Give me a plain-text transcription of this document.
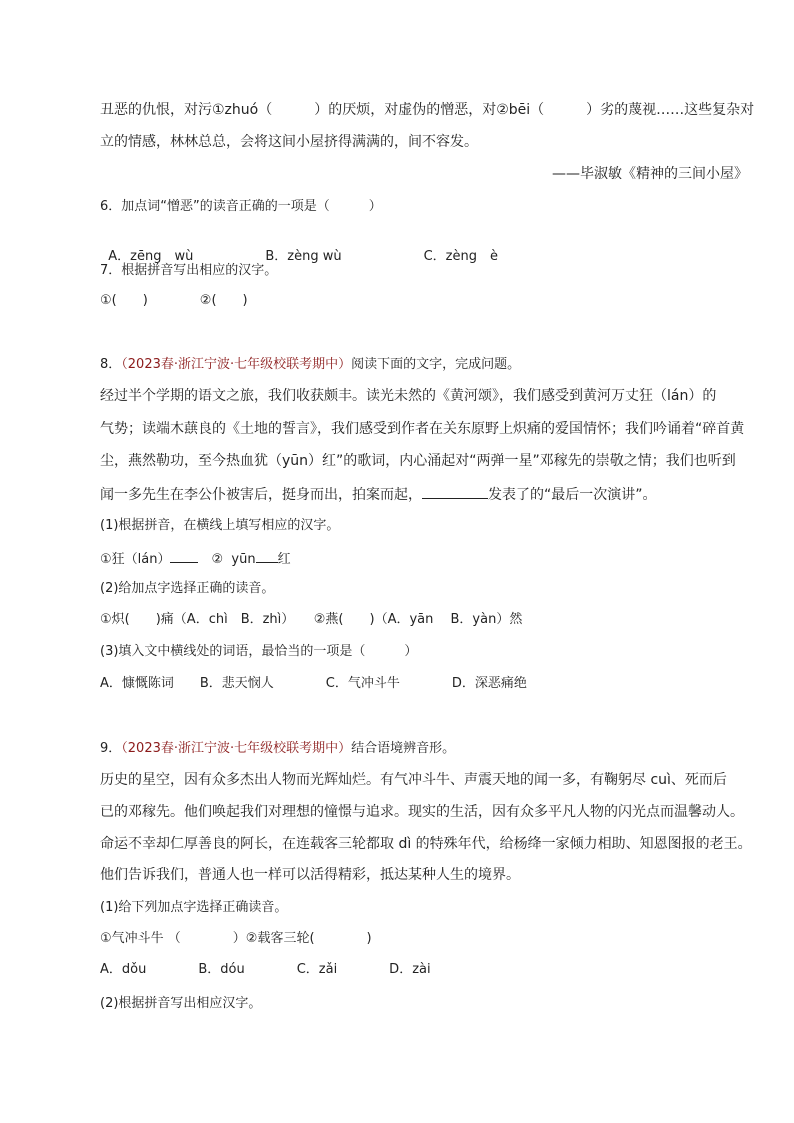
丑恶的仇恨，对污①zhuó（　　　）的厌烦，对虚伪的憎恶，对②bēi（　　　）劣的蔑视……这些复杂对
立的情感，林林总总，会将这间小屋挤得满满的，间不容发。
——毕淑敏《精神的三间小屋》
6．加点词“憎恶”的读音正确的一项是（　　　）

A．zēng　wù	B．zèng wù	C．zèng　è

7．根据拼音写出相应的汉字。
①(　　)　　　　②(　　)
8．（2023春·浙江宁波·七年级校联考期中）阅读下面的文字，完成问题。
经过半个学期的语文之旅，我们收获颇丰。读光未然的《黄河颂》，我们感受到黄河万丈狂（lán）的
气势；读端木蕻良的《土地的誓言》，我们感受到作者在关东原野上炽痛的爱国情怀；我们吟诵着“碎首黄
尘，燕然勒功，至今热血犹（yūn）红”的歌词，内心涌起对“两弹一星”邓稼先的崇敬之情；我们也听到
闻一多先生在李公仆被害后，挺身而出，拍案而起，	发表了的“最后一次演讲”。
(1)根据拼音，在横线上填写相应的汉字。
①狂（lán）　②  yūn 红
(2)给加点字选择正确的读音。
①炽(　　)痛（A．chì　B．zhì）　　②燕(　　)（A．yān　 B．yàn）然
(3)填入文中横线处的词语，最恰当的一项是（　　　）
A．慷慨陈词　　B．悲天悯人　　　　C．气冲斗牛　　　　D．深恶痛绝
9．（2023春·浙江宁波·七年级校联考期中）结合语境辨音形。
历史的星空，因有众多杰出人物而光辉灿烂。有气冲斗牛、声震天地的闻一多，有鞠躬尽 cuì、死而后
已的邓稼先。他们唤起我们对理想的憧憬与追求。现实的生活，因有众多平凡人物的闪光点而温馨动人。
命运不幸却仁厚善良的阿长，在连载客三轮都取 dì 的特殊年代，给杨绛一家倾力相助、知恩图报的老王。
他们告诉我们，普通人也一样可以活得精彩，抵达某种人生的境界。
(1)给下列加点字选择正确读音。
①气冲斗牛 （　　　　）②载客三轮(　　　　)
A．dǒu　　　　B．dóu　　　　C．zǎi　　　　D．zài
(2)根据拼音写出相应汉字。
